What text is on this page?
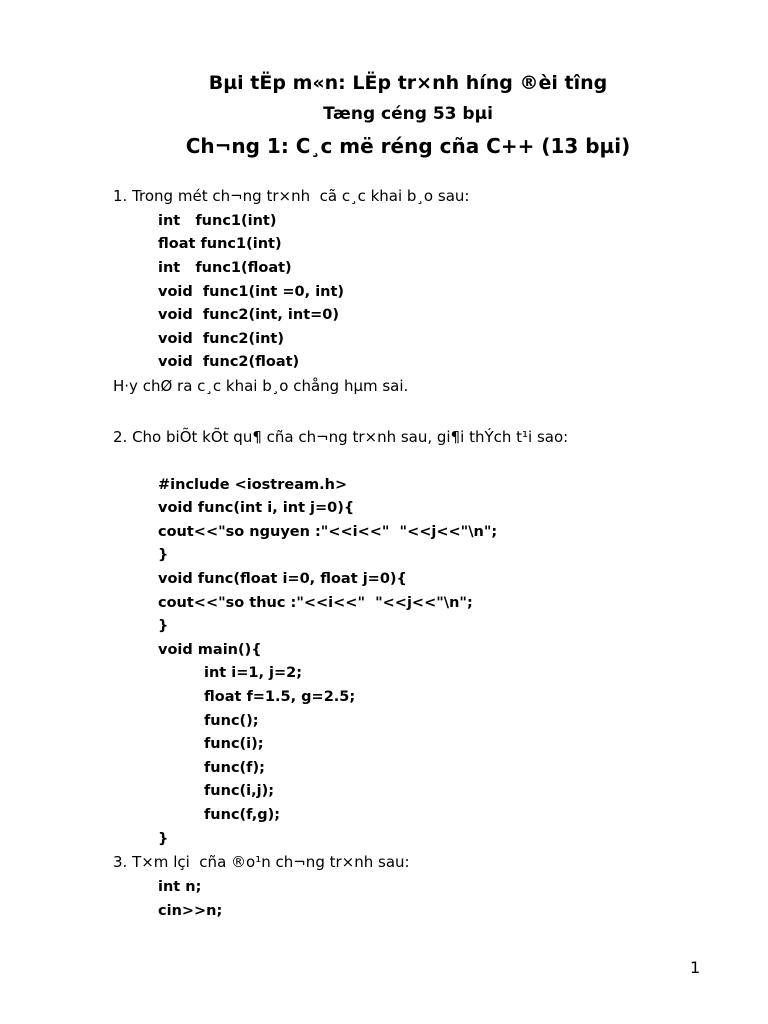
Bµi tËp m«n: LËp tr×nh híng ®èi tîng
Tæng céng 53 bµi
Ch¬ng 1: C¸c më réng cña C++ (13 bµi)
1. Trong mét ch¬ng tr×nh  cã c¸c khai b¸o sau:
int   func1(int)
float func1(int)
int   func1(float)
void  func1(int =0, int)
void  func2(int, int=0)
void  func2(int)
void  func2(float)
H·y chØ ra c¸c khai b¸o chång hµm sai.
2. Cho biÕt kÕt qu¶ cña ch¬ng tr×nh sau, gi¶i thÝch t¹i sao:
#include <iostream.h>
void func(int i, int j=0){
cout<<"so nguyen :"<<i<<"  "<<j<<"\n";
}
void func(float i=0, float j=0){
cout<<"so thuc :"<<i<<"  "<<j<<"\n";
}
void main(){
int i=1, j=2;
float f=1.5, g=2.5;
func();
func(i);
func(f);
func(i,j);
func(f,g);
}
3. T×m lçi  cña ®o¹n ch¬ng tr×nh sau:
int n;
cin>>n;
1
